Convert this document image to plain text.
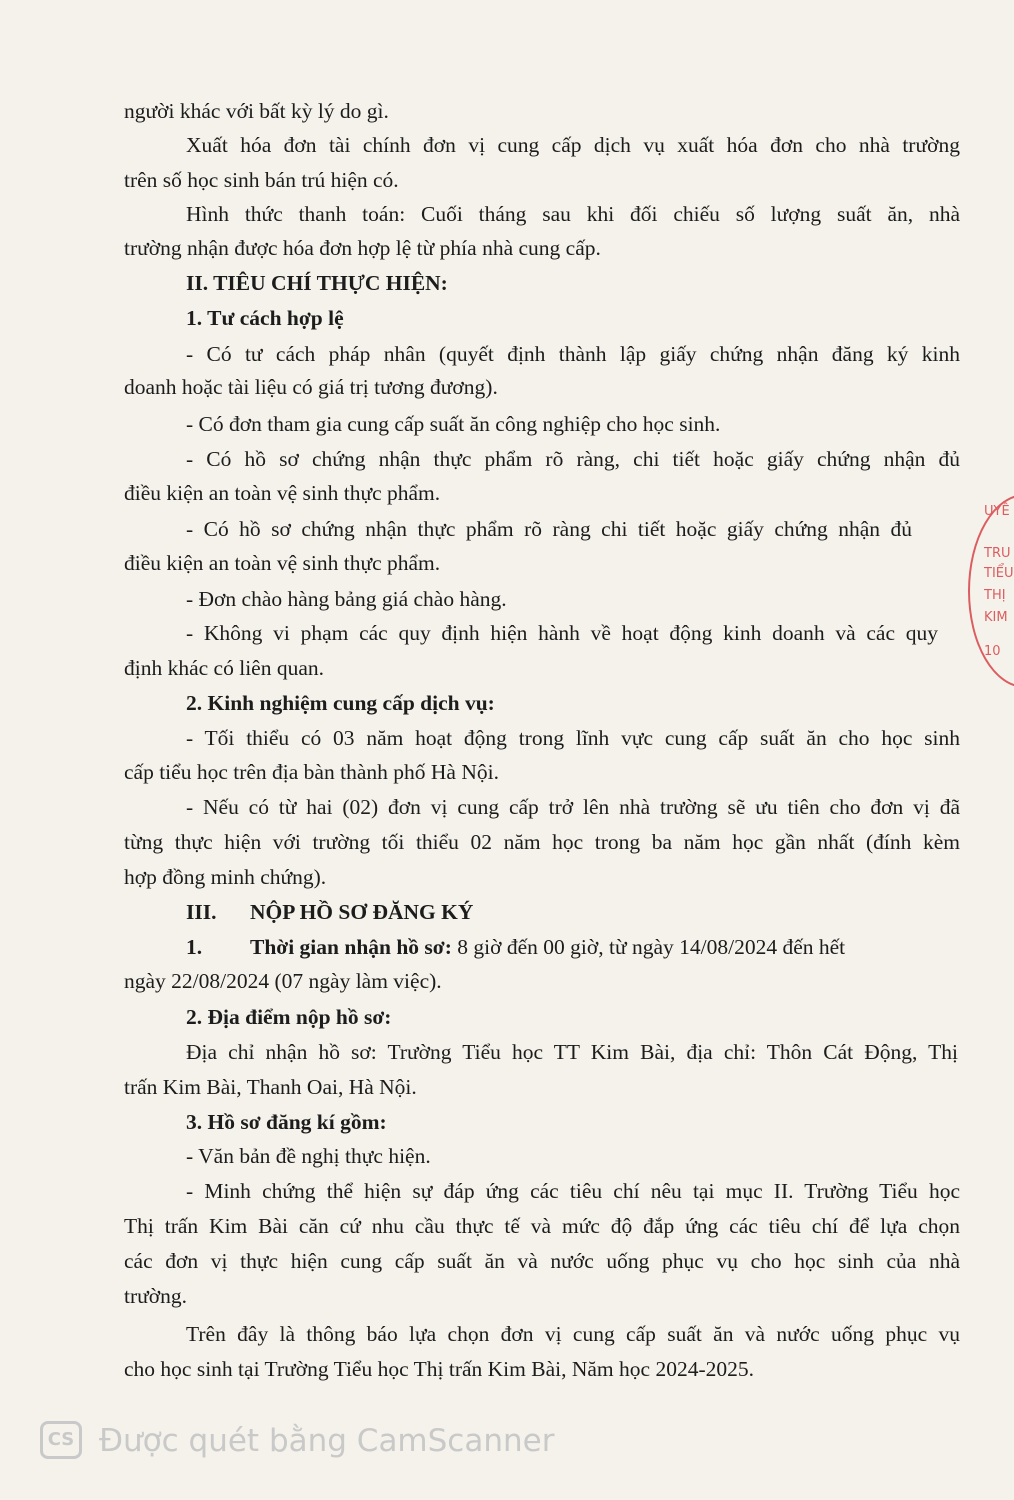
người khác với bất kỳ lý do gì.
Xuất hóa đơn tài chính đơn vị cung cấp dịch vụ xuất hóa đơn cho nhà trường
trên số học sinh bán trú hiện có.
Hình thức thanh toán: Cuối tháng sau khi đối chiếu số lượng suất ăn, nhà
trường nhận được hóa đơn hợp lệ từ phía nhà cung cấp.
II. TIÊU CHÍ THỰC HIỆN:
1. Tư cách hợp lệ
- Có tư cách pháp nhân (quyết định thành lập giấy chứng nhận đăng ký kinh
doanh hoặc tài liệu có giá trị tương đương).
- Có đơn tham gia cung cấp suất ăn công nghiệp cho học sinh.
- Có hồ sơ chứng nhận thực phẩm rõ ràng, chi tiết hoặc giấy chứng nhận đủ
điều kiện an toàn vệ sinh thực phẩm.
- Có hồ sơ chứng nhận thực phẩm rõ ràng chi tiết hoặc giấy chứng nhận đủ
điều kiện an toàn vệ sinh thực phẩm.
- Đơn chào hàng bảng giá chào hàng.
- Không vi phạm các quy định hiện hành về hoạt động kinh doanh và các quy
định khác có liên quan.
2. Kinh nghiệm cung cấp dịch vụ:
- Tối thiểu có 03 năm hoạt động trong lĩnh vực cung cấp suất ăn cho học sinh
cấp tiểu học trên địa bàn thành phố Hà Nội.
- Nếu có từ hai (02) đơn vị cung cấp trở lên nhà trường sẽ ưu tiên cho đơn vị đã
từng thực hiện với trường tối thiểu 02 năm học trong ba năm học gần nhất (đính kèm
hợp đồng minh chứng).
III. NỘP HỒ SƠ ĐĂNG KÝ
1. Thời gian nhận hồ sơ: 8 giờ đến 00 giờ, từ ngày 14/08/2024 đến hết
ngày 22/08/2024 (07 ngày làm việc).
2. Địa điểm nộp hồ sơ:
Địa chỉ nhận hồ sơ: Trường Tiểu học TT Kim Bài, địa chỉ: Thôn Cát Động, Thị
trấn Kim Bài, Thanh Oai, Hà Nội.
3. Hồ sơ đăng kí gồm:
- Văn bản đề nghị thực hiện.
- Minh chứng thể hiện sự đáp ứng các tiêu chí nêu tại mục II. Trường Tiểu học
Thị trấn Kim Bài căn cứ nhu cầu thực tế và mức độ đắp ứng các tiêu chí để lựa chọn
các đơn vị thực hiện cung cấp suất ăn và nước uống phục vụ cho học sinh của nhà
trường.
Trên đây là thông báo lựa chọn đơn vị cung cấp suất ăn và nước uống phục vụ
cho học sinh tại Trường Tiểu học Thị trấn Kim Bài, Năm học 2024-2025.
UYÊ
TRU
TIỂU
THỊ
KIM
10
CS Được quét bằng CamScanner
